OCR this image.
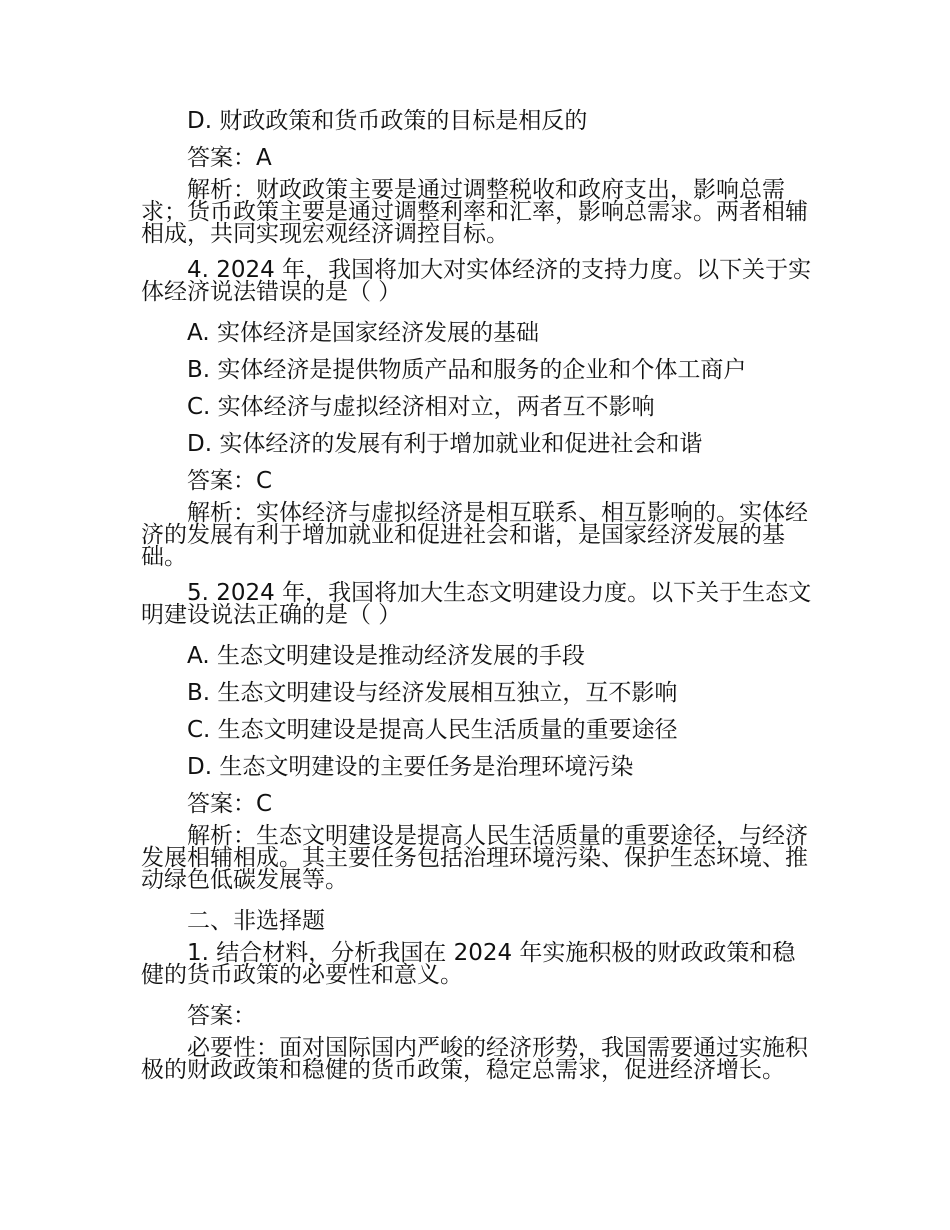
D. 财政政策和货币政策的目标是相反的

答案：A

解析：财政政策主要是通过调整税收和政府支出，影响总需求；货币政策主要是通过调整利率和汇率，影响总需求。两者相辅相成，共同实现宏观经济调控目标。

4. 2024 年，我国将加大对实体经济的支持力度。以下关于实体经济说法错误的是（ ）

A. 实体经济是国家经济发展的基础

B. 实体经济是提供物质产品和服务的企业和个体工商户

C. 实体经济与虚拟经济相对立，两者互不影响

D. 实体经济的发展有利于增加就业和促进社会和谐

答案：C

解析：实体经济与虚拟经济是相互联系、相互影响的。实体经济的发展有利于增加就业和促进社会和谐，是国家经济发展的基础。

5. 2024 年，我国将加大生态文明建设力度。以下关于生态文明建设说法正确的是（ ）

A. 生态文明建设是推动经济发展的手段

B. 生态文明建设与经济发展相互独立，互不影响

C. 生态文明建设是提高人民生活质量的重要途径

D. 生态文明建设的主要任务是治理环境污染

答案：C

解析：生态文明建设是提高人民生活质量的重要途径，与经济发展相辅相成。其主要任务包括治理环境污染、保护生态环境、推动绿色低碳发展等。

二、非选择题

1. 结合材料，分析我国在 2024 年实施积极的财政政策和稳健的货币政策的必要性和意义。

答案：

必要性：面对国际国内严峻的经济形势，我国需要通过实施积极的财政政策和稳健的货币政策，稳定总需求，促进经济增长。
